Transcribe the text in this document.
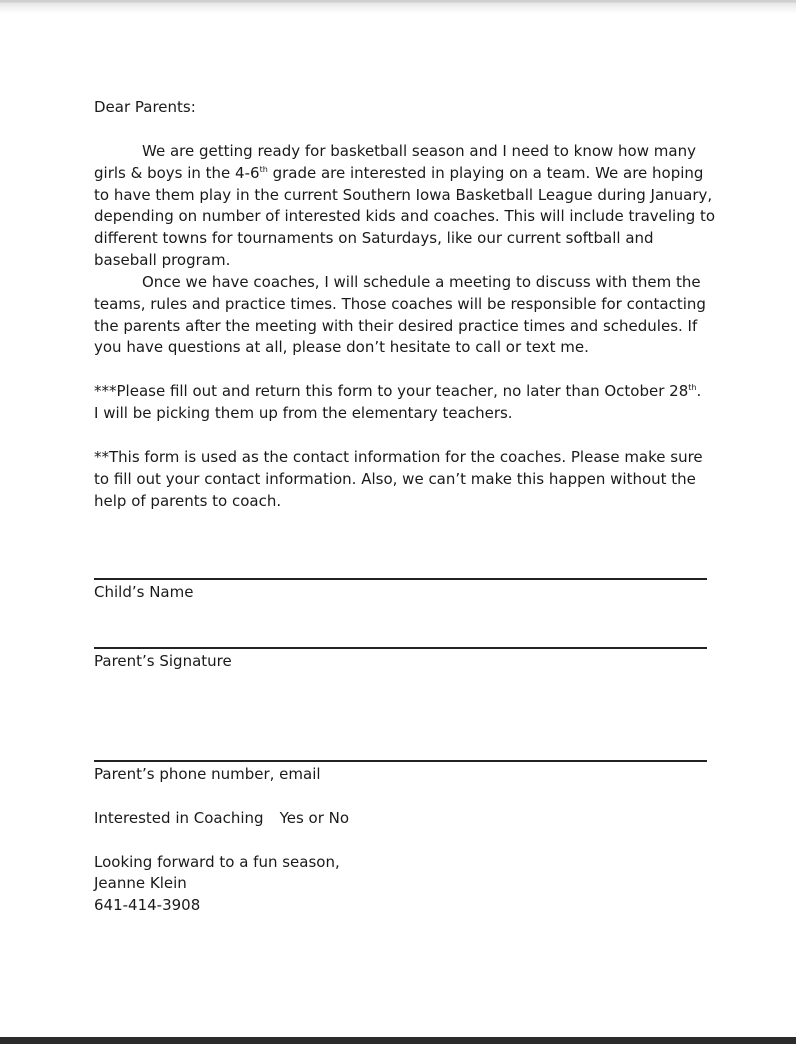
Dear Parents:

We are getting ready for basketball season and I need to know how many
girls & boys in the 4-6th grade are interested in playing on a team. We are hoping
to have them play in the current Southern Iowa Basketball League during January,
depending on number of interested kids and coaches. This will include traveling to
different towns for tournaments on Saturdays, like our current softball and
baseball program.

Once we have coaches, I will schedule a meeting to discuss with them the
teams, rules and practice times. Those coaches will be responsible for contacting
the parents after the meeting with their desired practice times and schedules. If
you have questions at all, please don’t hesitate to call or text me.

***Please fill out and return this form to your teacher, no later than October 28th.
I will be picking them up from the elementary teachers.

**This form is used as the contact information for the coaches. Please make sure
to fill out your contact information. Also, we can’t make this happen without the
help of parents to coach.

Child’s Name
Parent’s Signature
Parent’s phone number, email
Interested in Coaching Yes or No
Looking forward to a fun season,
Jeanne Klein
641-414-3908
